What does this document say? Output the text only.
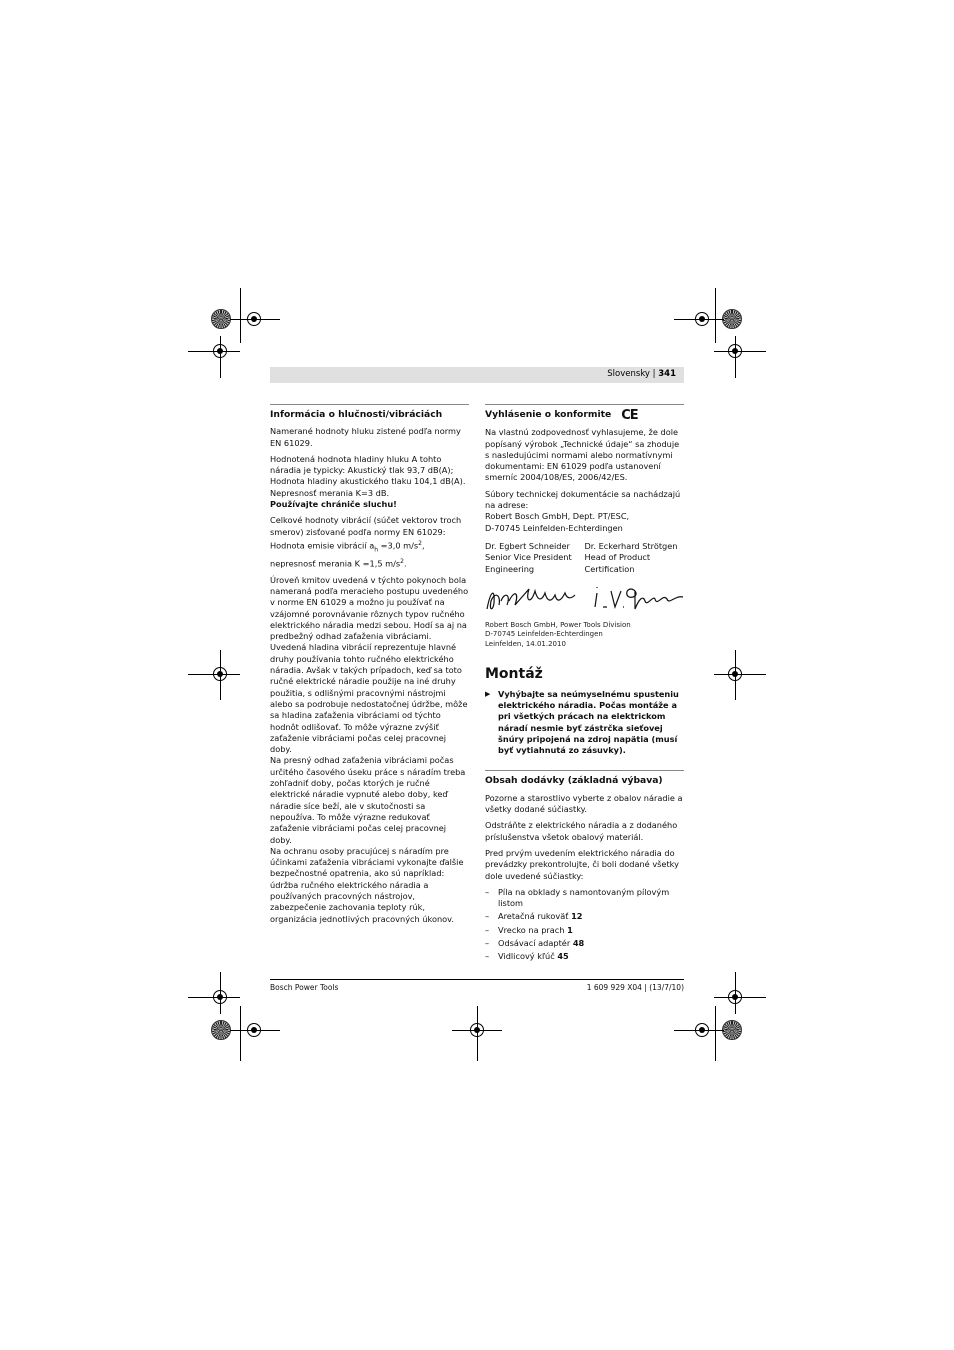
Slovensky | 341
Informácia o hlučnosti/vibráciách

Namerané hodnoty hluku zistené podľa normy EN 61029.

Hodnotená hodnota hladiny hluku A tohto náradia je typicky: Akustický tlak 93,7 dB(A); Hodnota hladiny akustického tlaku 104,1 dB(A). Nepresnosť merania K=3 dB.

Používajte chrániče sluchu!

Celkové hodnoty vibrácií (súčet vektorov troch smerov) zisťované podľa normy EN 61029:
Hodnota emisie vibrácií $a_h =3,0$ $m/s^2$,
nepresnosť merania K =1,5 $m/s^2$.

Úroveň kmitov uvedená v týchto pokynoch bola nameraná podľa meracieho postupu uvedeného v norme EN 61029 a možno ju používať na vzájomné porovnávanie rôznych typov ručného elektrického náradia medzi sebou. Hodí sa aj na predbežný odhad zaťaženia vibráciami.

Uvedená hladina vibrácií reprezentuje hlavné druhy používania tohto ručného elektrického náradia. Avšak v takých prípadoch, keď sa toto ručné elektrické náradie použije na iné druhy použitia, s odlišnými pracovnými nástrojmi alebo sa podrobuje nedostatočnej údržbe, môže sa hladina zaťaženia vibráciami od týchto hodnôt odlišovať. To môže výrazne zvýšiť zaťaženie vibráciami počas celej pracovnej doby.

Na presný odhad zaťaženia vibráciami počas určitého časového úseku práce s náradím treba zohľadniť doby, počas ktorých je ručné elektrické náradie vypnuté alebo doby, keď náradie síce beží, ale v skutočnosti sa nepoužíva. To môže výrazne redukovať zaťaženie vibráciami počas celej pracovnej doby.

Na ochranu osoby pracujúcej s náradím pre účinkami zaťaženia vibráciami vykonajte ďalšie bezpečnostné opatrenia, ako sú napríklad: údržba ručného elektrického náradia a používaných pracovných nástrojov, zabezpečenie zachovania teploty rúk, organizácia jednotlivých pracovných úkonov.

Vyhlásenie o konformite CE

Na vlastnú zodpovednosť vyhlasujeme, že dole popísaný výrobok „Technické údaje“ sa zhoduje s nasledujúcimi normami alebo normatívnymi dokumentami: EN 61029 podľa ustanovení smerníc 2004/108/ES, 2006/42/ES.

Súbory technickej dokumentácie sa nachádzajú na adrese:
Robert Bosch GmbH, Dept. PT/ESC,
D-70745 Leinfelden-Echterdingen

Dr. Egbert Schneider
Senior Vice President
Engineering
Dr. Eckerhard Strötgen
Head of Product
Certification
Robert Bosch GmbH, Power Tools Division
D-70745 Leinfelden-Echterdingen
Leinfelden, 14.01.2010
Montáž
▶ Vyhýbajte sa neúmyselnému spusteniu elektrického náradia. Počas montáže a pri všetkých prácach na elektrickom náradí nesmie byť zástrčka sieťovej šnúry pripojená na zdroj napätia (musí byť vytiahnutá zo zásuvky).
Obsah dodávky (základná výbava)

Pozorne a starostlivo vyberte z obalov náradie a všetky dodané súčiastky.

Odstráňte z elektrického náradia a z dodaného príslušenstva všetok obalový materiál.

Pred prvým uvedením elektrického náradia do prevádzky prekontrolujte, či boli dodané všetky dole uvedené súčiastky:

– Píla na obklady s namontovaným pílovým listom
– Aretačná rukoväť 12
– Vrecko na prach 1
– Odsávací adaptér 48
– Vidlicový kľúč 45
Bosch Power Tools	1 609 929 X04 | (13/7/10)
